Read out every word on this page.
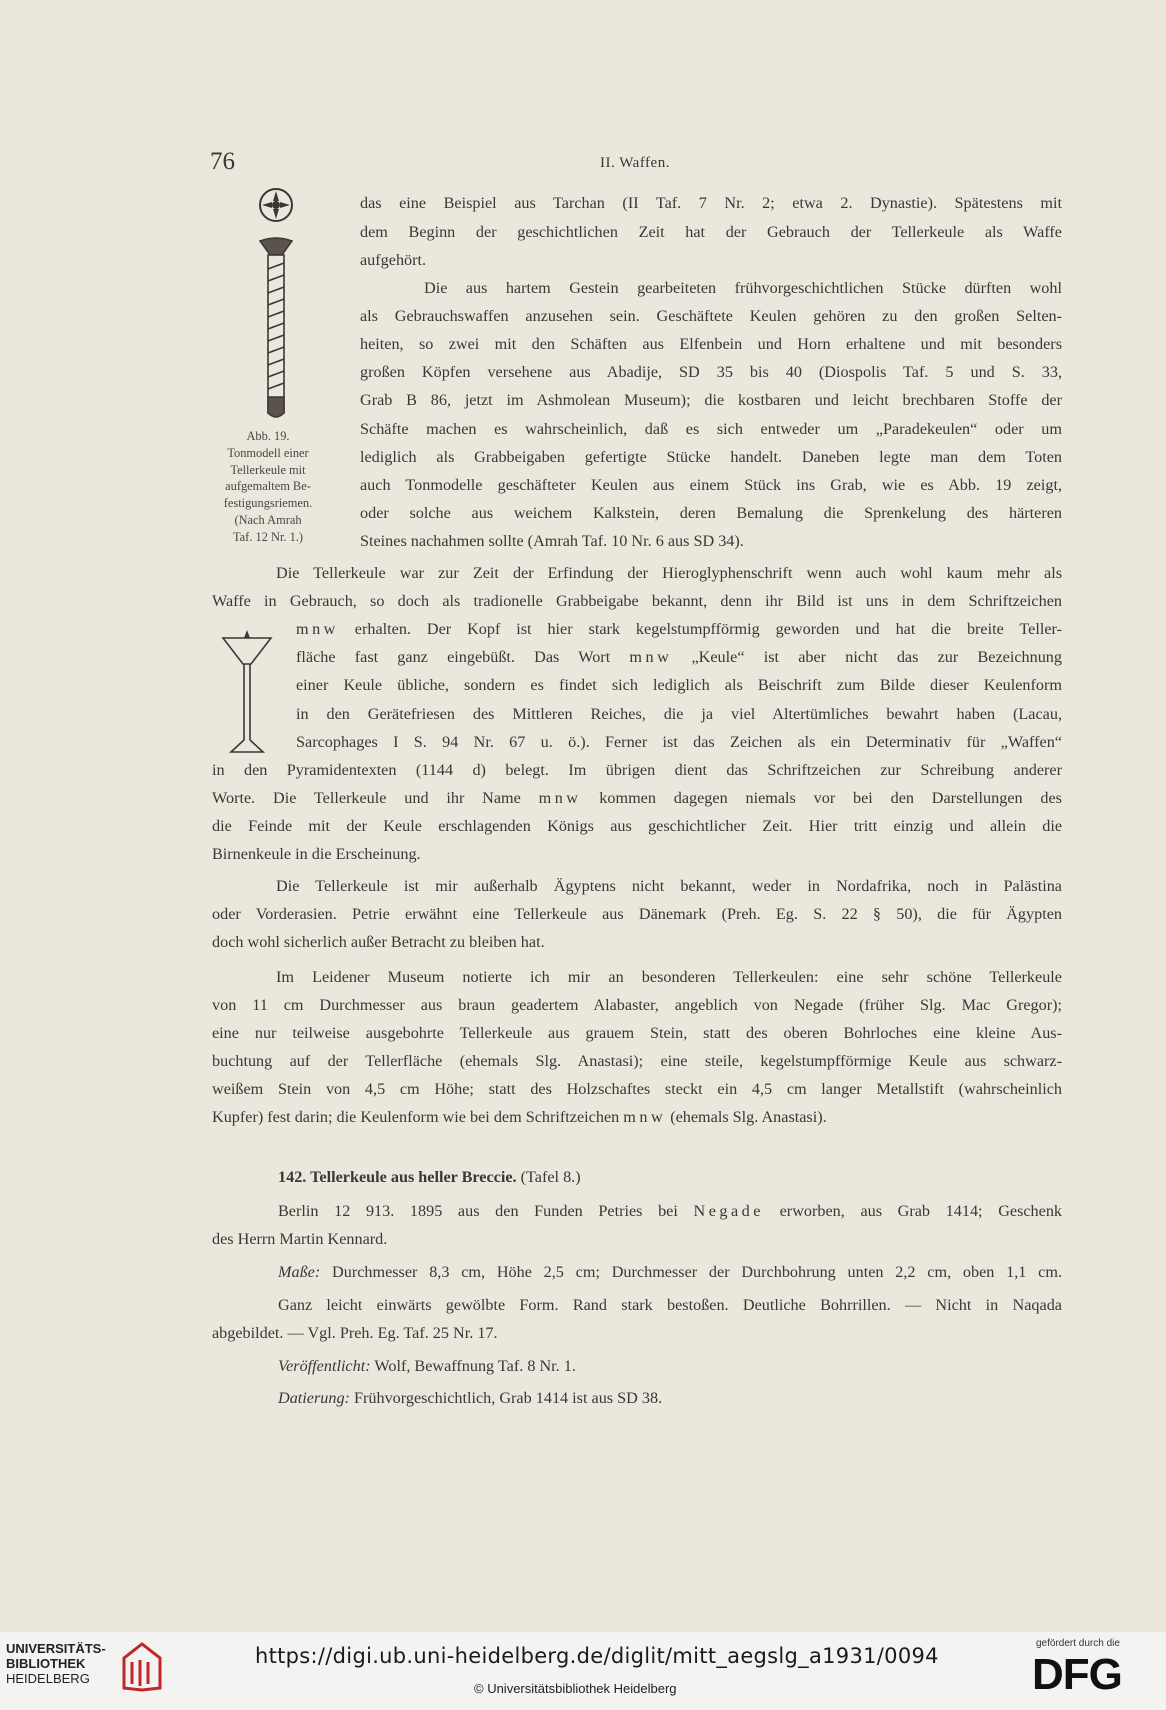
76	II. Waffen.
Abb. 19.
Tonmodell einer
Tellerkeule mit
aufgemaltem Be-
festigungsriemen.
(Nach Amrah
Taf. 12 Nr. 1.)
das eine Beispiel aus Tarchan (II Taf. 7 Nr. 2; etwa 2. Dynastie). Spätestens mit
dem Beginn der geschichtlichen Zeit hat der Gebrauch der Tellerkeule als Waffe
aufgehört.
Die aus hartem Gestein gearbeiteten frühvorgeschichtlichen Stücke dürften wohl
als Gebrauchswaffen anzusehen sein. Geschäftete Keulen gehören zu den großen Selten-
heiten, so zwei mit den Schäften aus Elfenbein und Horn erhaltene und mit besonders
großen Köpfen versehene aus Abadije, SD 35 bis 40 (Diospolis Taf. 5 und S. 33,
Grab B 86, jetzt im Ashmolean Museum); die kostbaren und leicht brechbaren Stoffe der
Schäfte machen es wahrscheinlich, daß es sich entweder um „Paradekeulen“ oder um
lediglich als Grabbeigaben gefertigte Stücke handelt. Daneben legte man dem Toten
auch Tonmodelle geschäfteter Keulen aus einem Stück ins Grab, wie es Abb. 19 zeigt,
oder solche aus weichem Kalkstein, deren Bemalung die Sprenkelung des härteren
Steines nachahmen sollte (Amrah Taf. 10 Nr. 6 aus SD 34).
Die Tellerkeule war zur Zeit der Erfindung der Hieroglyphenschrift wenn auch wohl kaum mehr als
Waffe in Gebrauch, so doch als tradionelle Grabbeigabe bekannt, denn ihr Bild ist uns in dem Schriftzeichen
mnw erhalten. Der Kopf ist hier stark kegelstumpfförmig geworden und hat die breite Teller-
fläche fast ganz eingebüßt. Das Wort mnw „Keule“ ist aber nicht das zur Bezeichnung
einer Keule übliche, sondern es findet sich lediglich als Beischrift zum Bilde dieser Keulenform
in den Gerätefriesen des Mittleren Reiches, die ja viel Altertümliches bewahrt haben (Lacau,
Sarcophages I S. 94 Nr. 67 u. ö.). Ferner ist das Zeichen als ein Determinativ für „Waffen“
in den Pyramidentexten (1144 d) belegt. Im übrigen dient das Schriftzeichen zur Schreibung anderer
Worte. Die Tellerkeule und ihr Name mnw kommen dagegen niemals vor bei den Darstellungen des
die Feinde mit der Keule erschlagenden Königs aus geschichtlicher Zeit. Hier tritt einzig und allein die
Birnenkeule in die Erscheinung.
Die Tellerkeule ist mir außerhalb Ägyptens nicht bekannt, weder in Nordafrika, noch in Palästina
oder Vorderasien. Petrie erwähnt eine Tellerkeule aus Dänemark (Preh. Eg. S. 22 § 50), die für Ägypten
doch wohl sicherlich außer Betracht zu bleiben hat.
Im Leidener Museum notierte ich mir an besonderen Tellerkeulen: eine sehr schöne Tellerkeule
von 11 cm Durchmesser aus braun geadertem Alabaster, angeblich von Negade (früher Slg. Mac Gregor);
eine nur teilweise ausgebohrte Tellerkeule aus grauem Stein, statt des oberen Bohrloches eine kleine Aus-
buchtung auf der Tellerfläche (ehemals Slg. Anastasi); eine steile, kegelstumpfförmige Keule aus schwarz-
weißem Stein von 4,5 cm Höhe; statt des Holzschaftes steckt ein 4,5 cm langer Metallstift (wahrscheinlich
Kupfer) fest darin; die Keulenform wie bei dem Schriftzeichen mnw (ehemals Slg. Anastasi).
142. Tellerkeule aus heller Breccie. (Tafel 8.)
Berlin 12 913. 1895 aus den Funden Petries bei Negade erworben, aus Grab 1414; Geschenk
des Herrn Martin Kennard.
Maße: Durchmesser 8,3 cm, Höhe 2,5 cm; Durchmesser der Durchbohrung unten 2,2 cm, oben 1,1 cm.
Ganz leicht einwärts gewölbte Form. Rand stark bestoßen. Deutliche Bohrrillen. — Nicht in Naqada
abgebildet. — Vgl. Preh. Eg. Taf. 25 Nr. 17.
Veröffentlicht: Wolf, Bewaffnung Taf. 8 Nr. 1.
Datierung: Frühvorgeschichtlich, Grab 1414 ist aus SD 38.
UNIVERSITÄTS-
BIBLIOTHEK
HEIDELBERG
https://digi.ub.uni-heidelberg.de/diglit/mitt_aegslg_a1931/0094
© Universitätsbibliothek Heidelberg
gefördert durch die
DFG
